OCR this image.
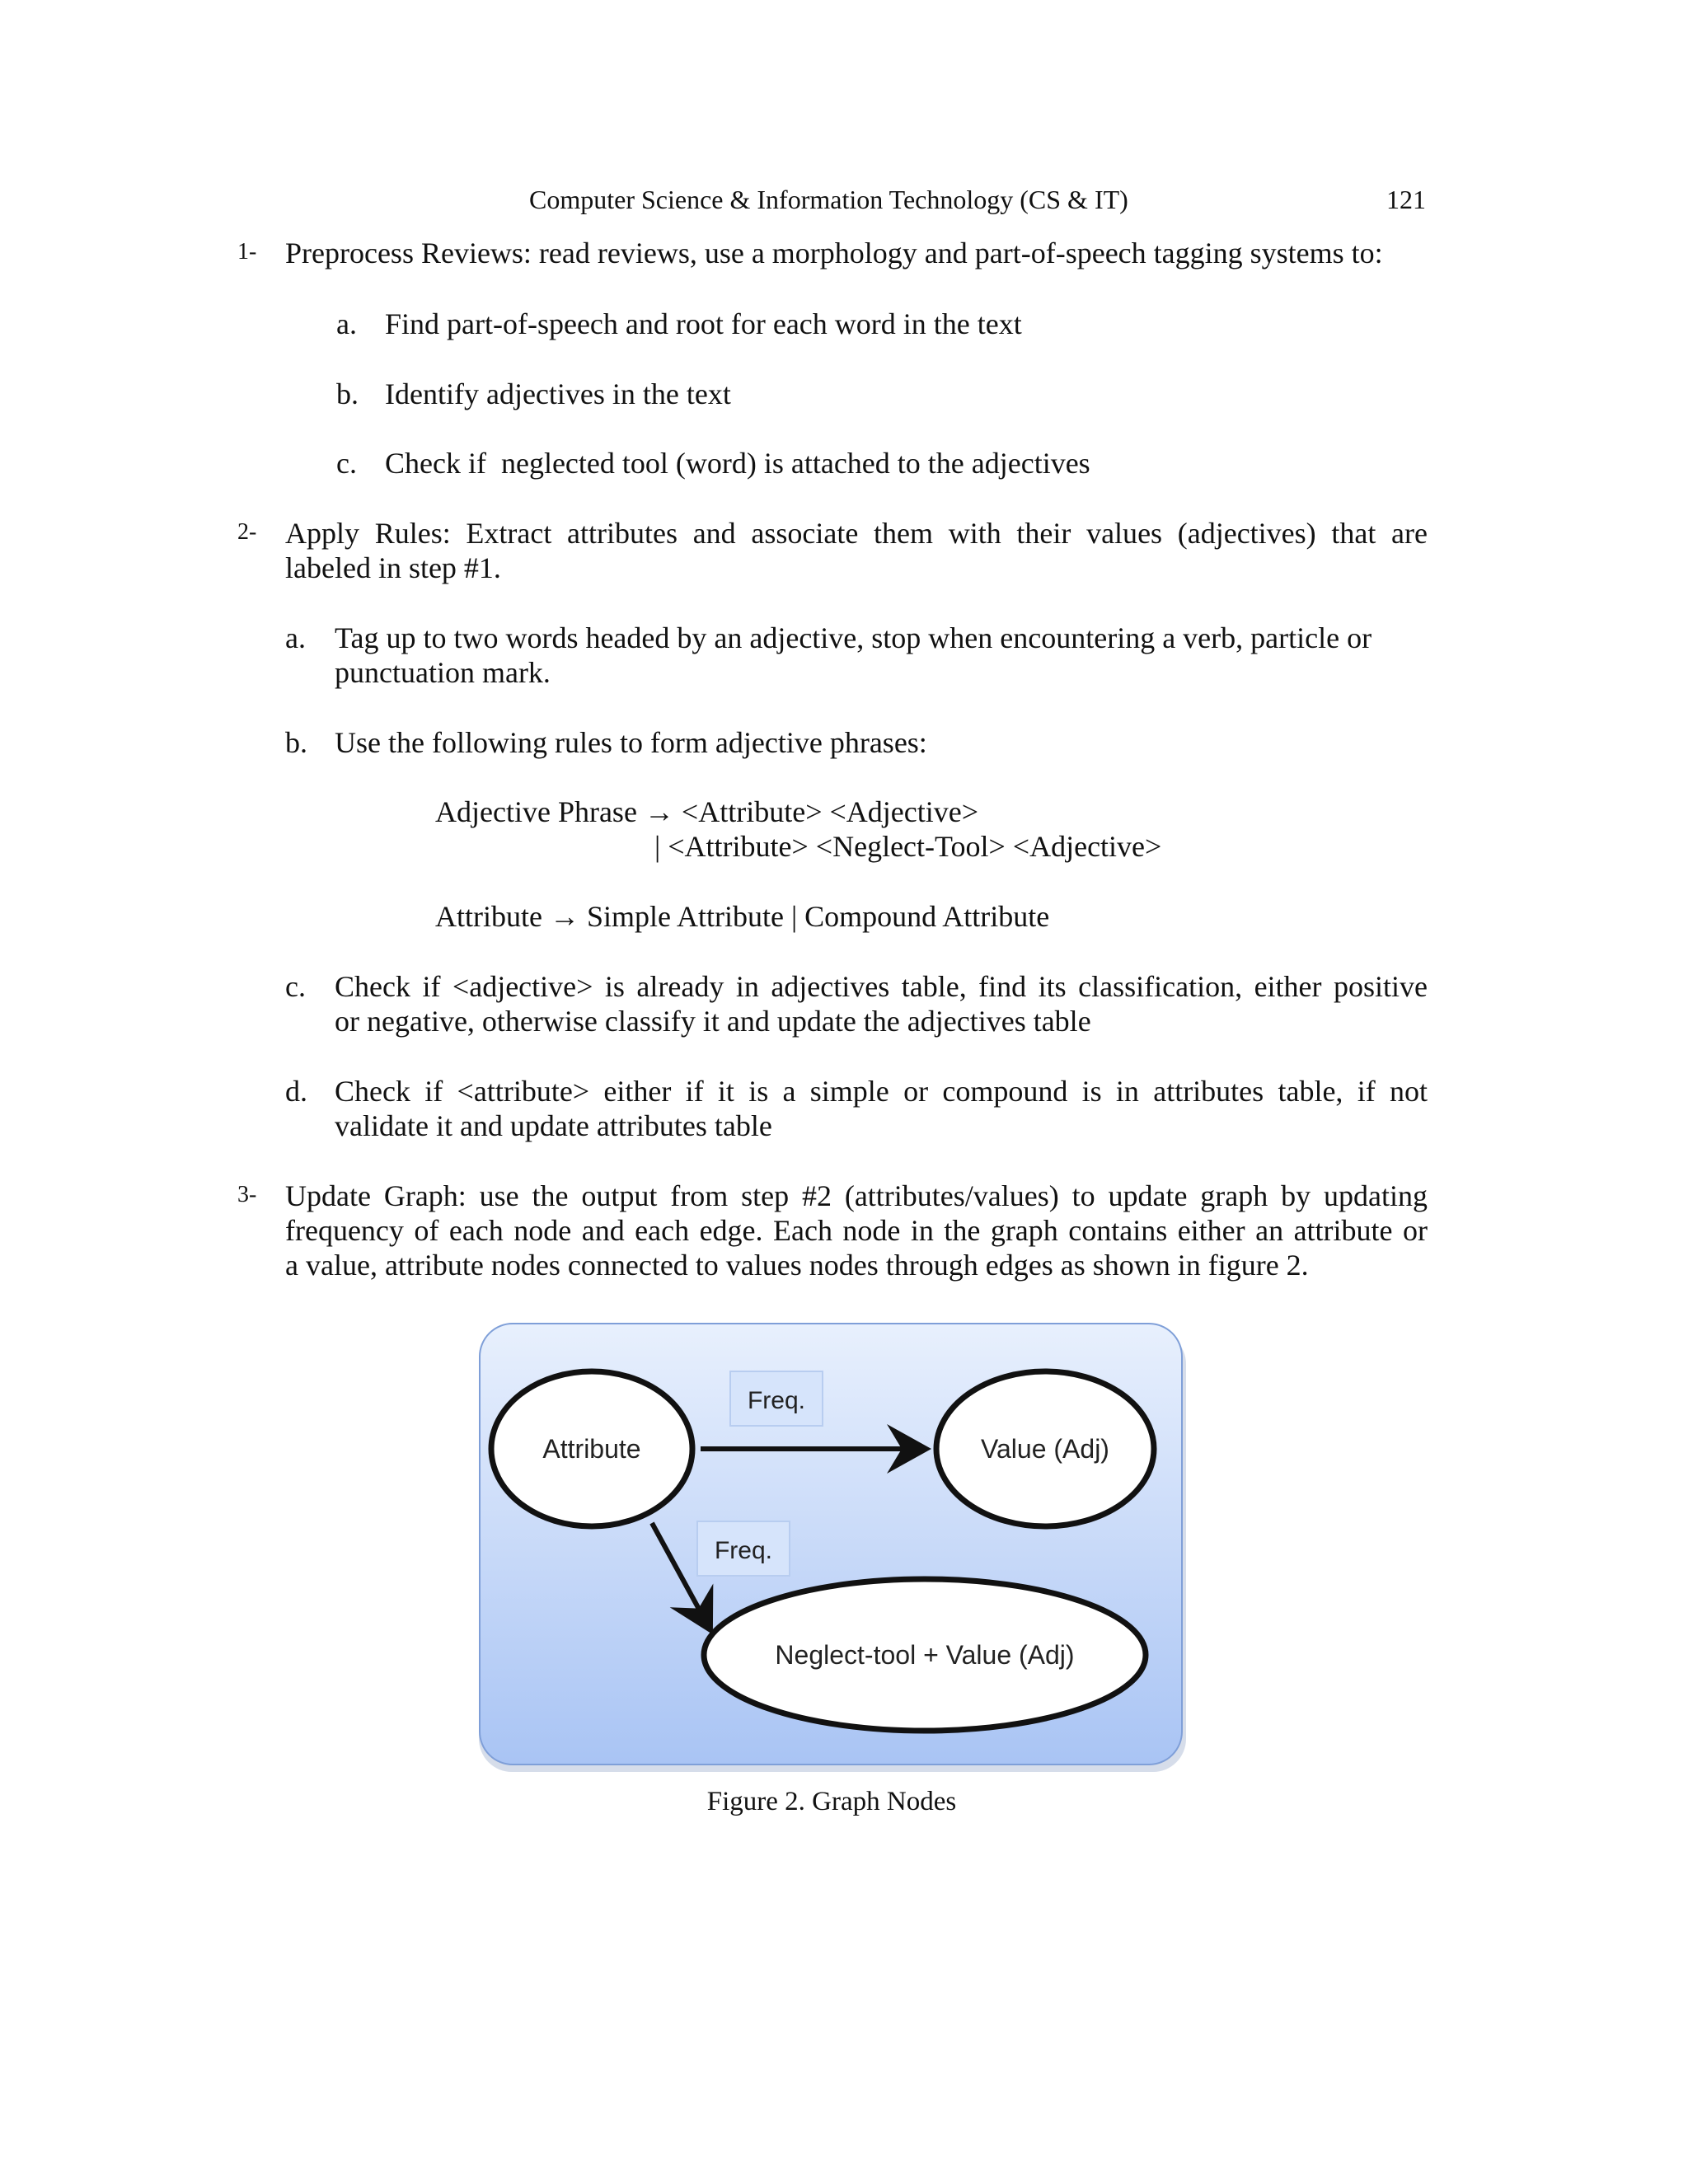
Computer Science & Information Technology (CS & IT)	121
1- Preprocess Reviews: read reviews, use a morphology and part-of-speech tagging systems to:
a. Find part-of-speech and root for each word in the text
b. Identify adjectives in the text
c. Check if  neglected tool (word) is attached to the adjectives
2- Apply Rules: Extract attributes and associate them with their values (adjectives) that are
labeled in step #1.
a. Tag up to two words headed by an adjective, stop when encountering a verb, particle or
punctuation mark.
b. Use the following rules to form adjective phrases:
Adjective Phrase → <Attribute> <Adjective>
| <Attribute> <Neglect-Tool> <Adjective>
Attribute → Simple Attribute | Compound Attribute
c. Check if <adjective> is already in adjectives table, find its classification, either positive
or negative, otherwise classify it and update the adjectives table
d. Check if <attribute> either if it is a simple or compound is in attributes table, if not
validate it and update attributes table
3- Update Graph: use the output from step #2 (attributes/values) to update graph by updating
frequency of each node and each edge. Each node in the graph contains either an attribute or
a value, attribute nodes connected to values nodes through edges as shown in figure 2.
Freq.
Freq.
Attribute	Value (Adj)
Neglect-tool + Value (Adj)
Figure 2. Graph Nodes
